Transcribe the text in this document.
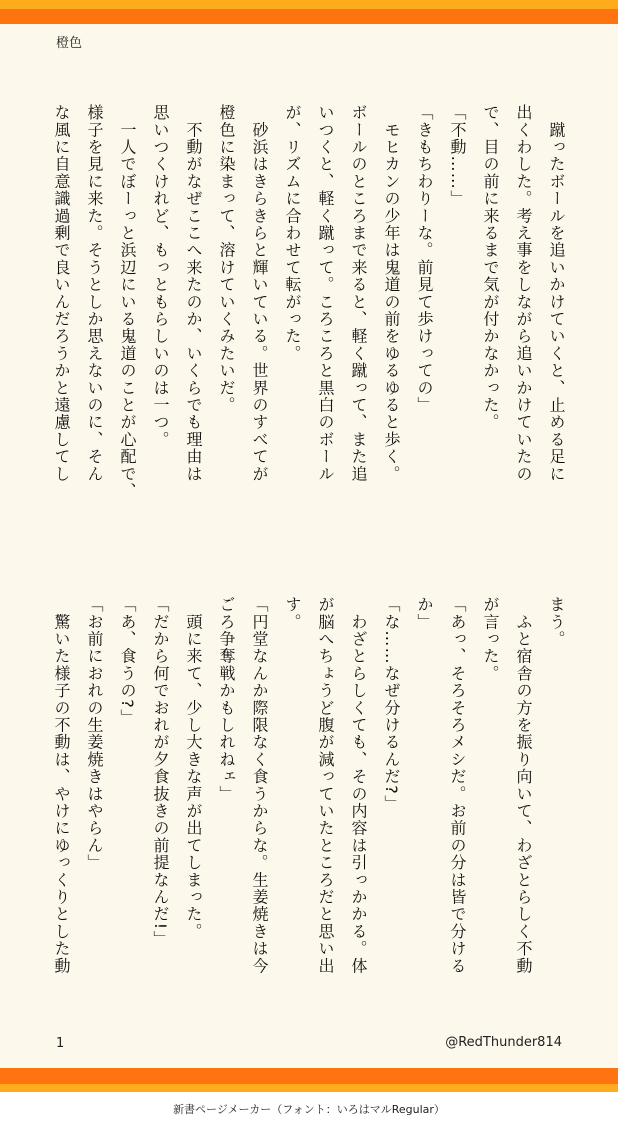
橙色
　蹴ったボールを追いかけていくと、止める足に
出くわした。考え事をしながら追いかけていたの
で、目の前に来るまで気が付かなかった。
「不動……」
「きもちわりーな。前見て歩けっての」
　モヒカンの少年は鬼道の前をゆるゆると歩く。
ボールのところまで来ると、軽く蹴って、また追
いつくと、軽く蹴って。ころころと黒白のボール
が、リズムに合わせて転がった。
　砂浜はきらきらと輝いている。世界のすべてが
橙色に染まって、溶けていくみたいだ。
　不動がなぜここへ来たのか、いくらでも理由は
思いつくけれど、もっともらしいのは一つ。
　一人でぼーっと浜辺にいる鬼道のことが心配で、
様子を見に来た。そうとしか思えないのに、そん
な風に自意識過剰で良いんだろうかと遠慮してし
まう。
　ふと宿舎の方を振り向いて、わざとらしく不動
が言った。
「あっ、そろそろメシだ。お前の分は皆で分ける
か」
「な……なぜ分けるんだ?」
　わざとらしくても、その内容は引っかかる。体
が脳へちょうど腹が減っていたところだと思い出
す。
「円堂なんか際限なく食うからな。生姜焼きは今
ごろ争奪戦かもしれねェ」
　頭に来て、少し大きな声が出てしまった。
「だから何でおれが夕食抜きの前提なんだ!」
「あ、食うの?」
「お前におれの生姜焼きはやらん」
　驚いた様子の不動は、やけにゆっくりとした動
1	@RedThunder814
新書ページメーカー（フォント：いろはマルRegular）
